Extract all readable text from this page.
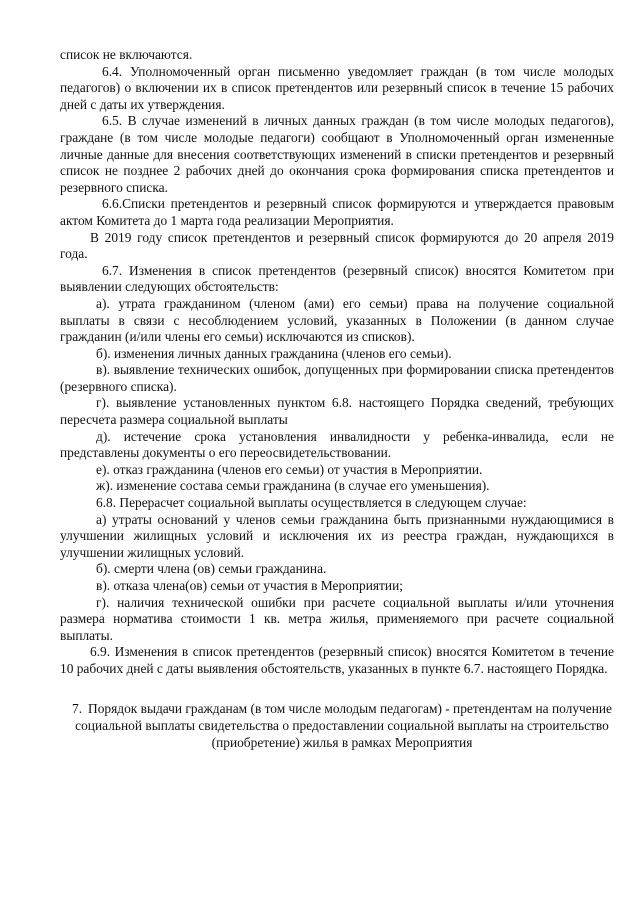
список не включаются.

6.4. Уполномоченный орган письменно уведомляет граждан (в том числе молодых педагогов) о включении их в список претендентов или резервный список в течение 15 рабочих дней с даты их утверждения.

6.5. В случае изменений в личных данных граждан (в том числе молодых педагогов), граждане (в том числе молодые педагоги) сообщают в Уполномоченный орган измененные личные данные для внесения соответствующих изменений в списки претендентов и резервный список не позднее 2 рабочих дней до окончания срока формирования списка претендентов и резервного списка.

6.6.Списки претендентов и резервный список формируются и утверждается правовым актом Комитета до 1 марта года реализации Мероприятия.

В 2019 году список претендентов и резервный список формируются до 20 апреля 2019 года.

6.7. Изменения в список претендентов (резервный список) вносятся Комитетом при выявлении следующих обстоятельств:

а). утрата гражданином (членом (ами) его семьи) права на получение социальной выплаты в связи с несоблюдением условий, указанных в Положении (в данном случае гражданин (и/или члены его семьи) исключаются из списков).

б). изменения личных данных гражданина (членов его семьи).

в). выявление технических ошибок, допущенных при формировании списка претендентов (резервного списка).

г). выявление установленных пунктом 6.8. настоящего Порядка сведений, требующих пересчета размера социальной выплаты

д). истечение срока установления инвалидности у ребенка-инвалида, если не представлены документы о его переосвидетельствовании.

е). отказ гражданина (членов его семьи) от участия в Мероприятии.

ж). изменение состава семьи гражданина (в случае его уменьшения).

6.8. Перерасчет социальной выплаты осуществляется в следующем случае:

а) утраты оснований у членов семьи гражданина быть признанными нуждающимися в улучшении жилищных условий и исключения их из реестра граждан, нуждающихся в улучшении жилищных условий.

б). смерти члена (ов) семьи гражданина.

в). отказа члена(ов) семьи от участия в Мероприятии;

г). наличия технической ошибки при расчете социальной выплаты и/или уточнения размера норматива стоимости 1 кв. метра жилья, применяемого при расчете социальной выплаты.

6.9. Изменения в список претендентов (резервный список) вносятся Комитетом в течение 10 рабочих дней с даты выявления обстоятельств, указанных в пункте 6.7. настоящего Порядка.

7. Порядок выдачи гражданам (в том числе молодым педагогам) - претендентам на получение социальной выплаты свидетельства о предоставлении социальной выплаты на строительство (приобретение) жилья в рамках Мероприятия
